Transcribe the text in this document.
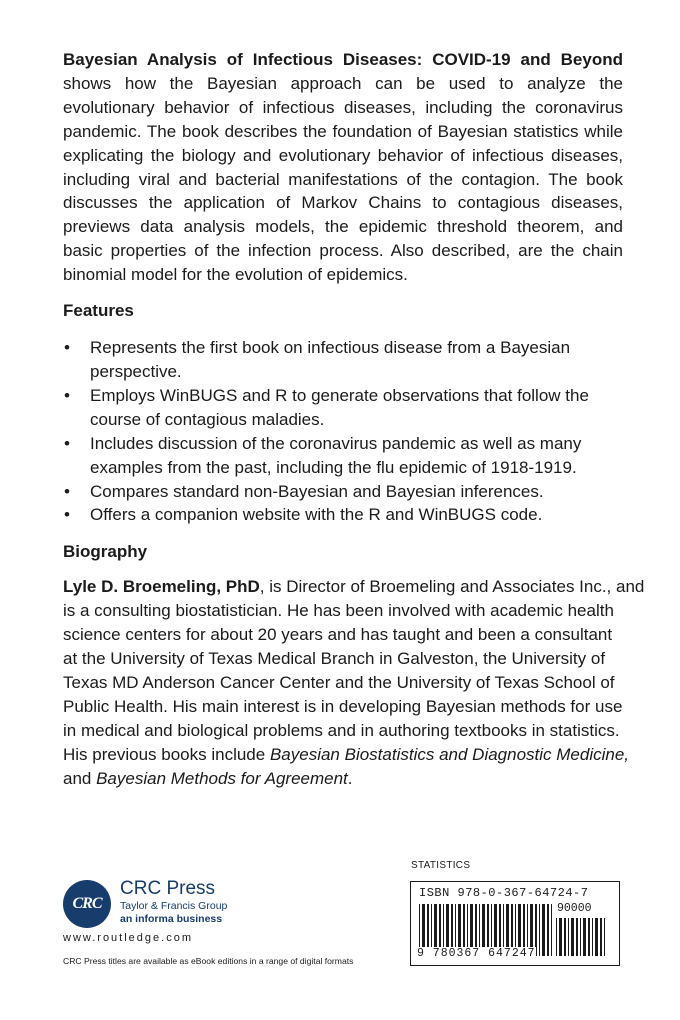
Bayesian Analysis of Infectious Diseases: COVID-19 and Beyond shows how the Bayesian approach can be used to analyze the evolutionary behavior of infectious diseases, including the coronavirus pandemic. The book describes the foundation of Bayesian statistics while explicating the biology and evolutionary behavior of infectious diseases, including viral and bacterial manifestations of the contagion. The book discusses the application of Markov Chains to contagious diseases, previews data analysis models, the epidemic threshold theorem, and basic properties of the infection process. Also described, are the chain binomial model for the evolution of epidemics.

Features
• Represents the first book on infectious disease from a Bayesian perspective.
• Employs WinBUGS and R to generate observations that follow the course of contagious maladies.
• Includes discussion of the coronavirus pandemic as well as many examples from the past, including the flu epidemic of 1918-1919.
• Compares standard non-Bayesian and Bayesian inferences.
• Offers a companion website with the R and WinBUGS code.
Biography
Lyle D. Broemeling, PhD, is Director of Broemeling and Associates Inc., and
is a consulting biostatistician. He has been involved with academic health
science centers for about 20 years and has taught and been a consultant
at the University of Texas Medical Branch in Galveston, the University of
Texas MD Anderson Cancer Center and the University of Texas School of
Public Health. His main interest is in developing Bayesian methods for use
in medical and biological problems and in authoring textbooks in statistics.
His previous books include Bayesian Biostatistics and Diagnostic Medicine,
and Bayesian Methods for Agreement.
CRC
CRC Press
Taylor & Francis Group
an informa business
www.routledge.com
CRC Press titles are available as eBook editions in a range of digital formats
STATISTICS
ISBN 978-0-367-64724-7
90000
9 780367 647247
